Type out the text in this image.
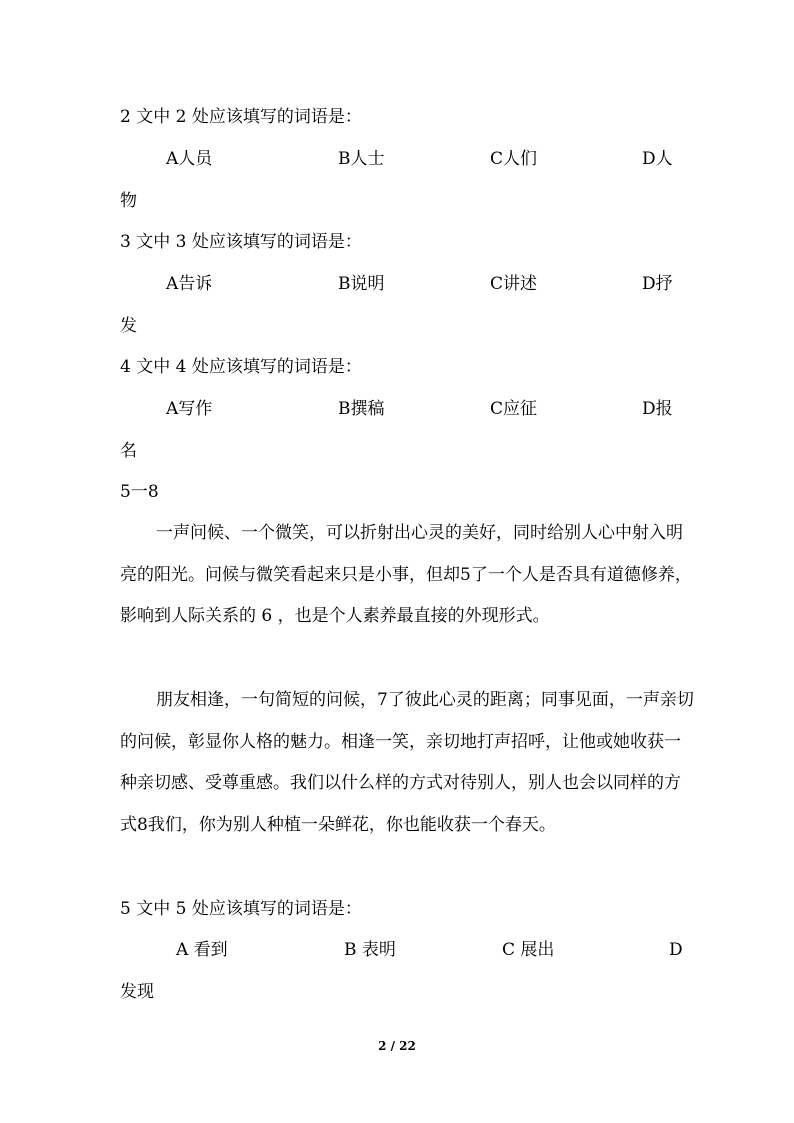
2 文中 2 处应该填写的词语是：
A人员	B人士	C人们	D人
物
3 文中 3 处应该填写的词语是：
A告诉	B说明	C讲述	D抒
发
4 文中 4 处应该填写的词语是：
A写作	B撰稿	C应征	D报
名
5一8
一声问候、一个微笑，可以折射出心灵的美好，同时给别人心中射入明亮的阳光。问候与微笑看起来只是小事，但却5了一个人是否具有道德修养，影响到人际关系的 6 ，也是个人素养最直接的外现形式。
朋友相逢，一句简短的问候，7了彼此心灵的距离；同事见面，一声亲切的问候，彰显你人格的魅力。相逢一笑，亲切地打声招呼，让他或她收获一种亲切感、受尊重感。我们以什么样的方式对待别人，别人也会以同样的方式8我们，你为别人种植一朵鲜花，你也能收获一个春天。
5 文中 5 处应该填写的词语是：
A 看到	B 表明	C 展出	D
发现
2 / 22
